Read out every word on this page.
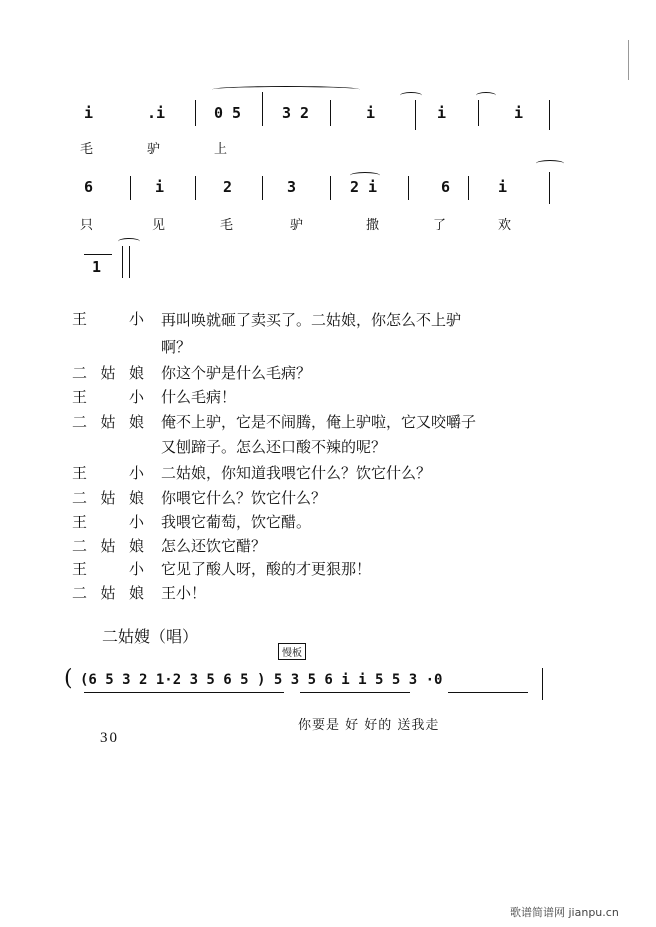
i	.i	0 5	3 2	i	i	i
毛	驴	上
6	i	2	3	2 i	6	i
只	见	毛	驴	撒	了	欢
1
王 小 再叫唤就砸了卖买了。二姑娘，你怎么不上驴
啊？
二姑娘 你这个驴是什么毛病？
王 小 什么毛病！
二姑娘 俺不上驴，它是不闹腾，俺上驴啦，它又咬嚼子
又刨蹄子。怎么还口酸不辣的呢？
王 小 二姑娘，你知道我喂它什么？饮它什么？
二姑娘 你喂它什么？饮它什么？
王 小 我喂它葡萄，饮它醋。
二姑娘 怎么还饮它醋？
王 小 它见了酸人呀，酸的才更狠那！
二姑娘 王小！
二姑嫂（唱）
慢板
( (6 5 3 2 1·2 3 5 6 5 ) 5 3 5 6 i i 5 5 3 ·0
你要是 好 好的 送我走
30
歌谱简谱网 jianpu.cn
